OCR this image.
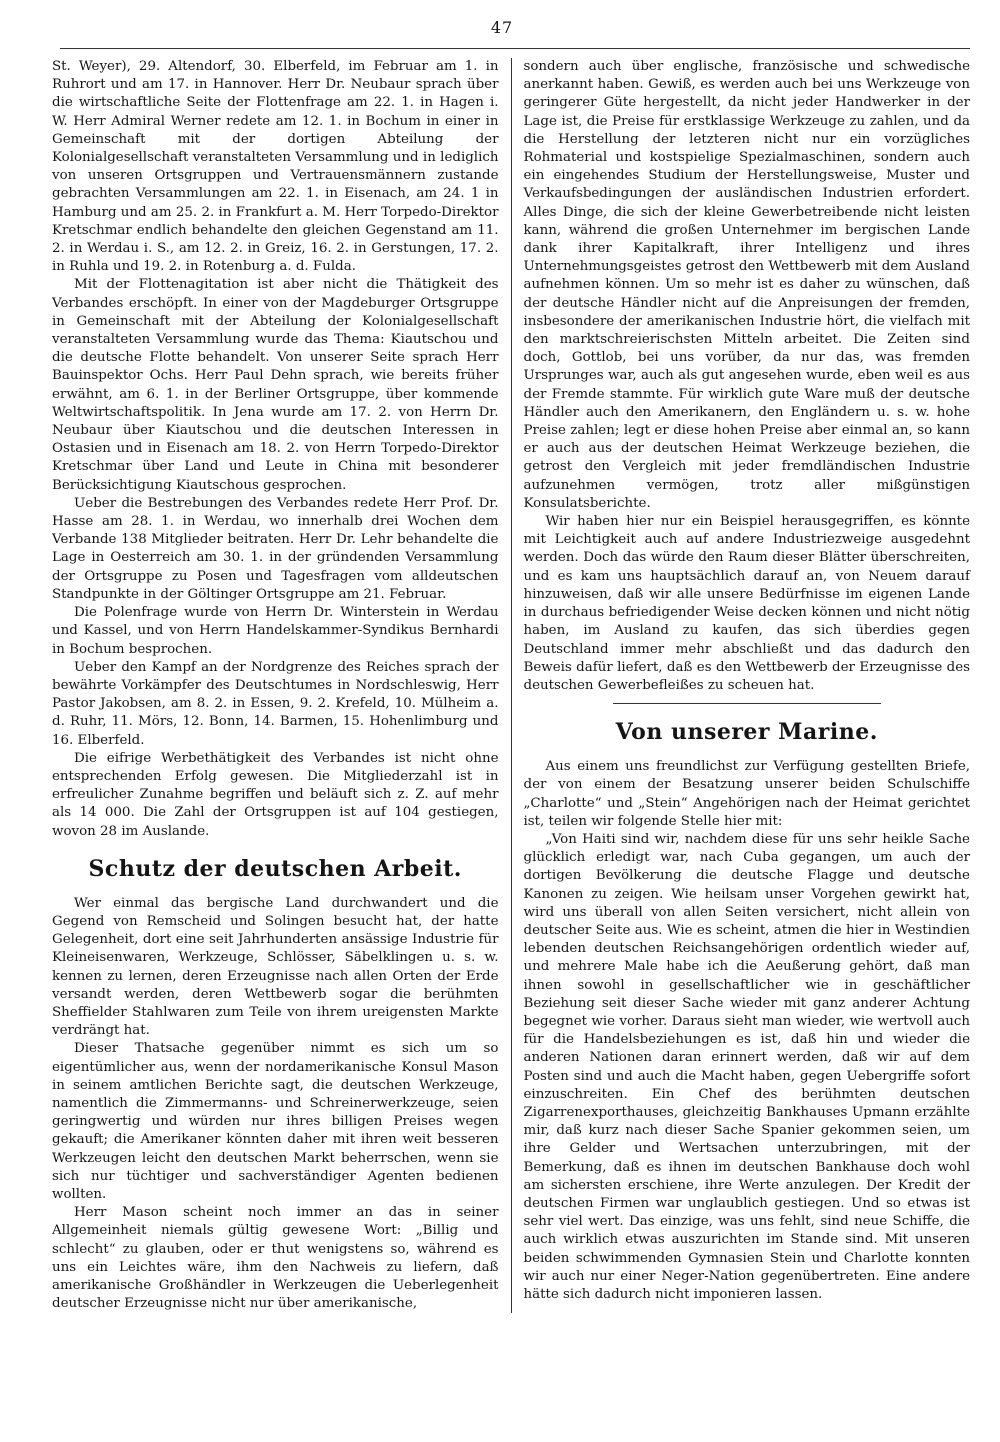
47

St. Weyer), 29. Altendorf, 30. Elberfeld, im Februar am 1. in Ruhrort und am 17. in Hannover. Herr Dr. Neubaur sprach über die wirtschaftliche Seite der Flottenfrage am 22. 1. in Hagen i. W. Herr Admiral Werner redete am 12. 1. in Bochum in einer in Gemeinschaft mit der dortigen Abteilung der Kolonialgesellschaft veranstalteten Versammlung und in lediglich von unseren Ortsgruppen und Vertrauensmännern zustande gebrachten Versammlungen am 22. 1. in Eisenach, am 24. 1 in Hamburg und am 25. 2. in Frankfurt a. M. Herr Torpedo-Direktor Kretschmar endlich behandelte den gleichen Gegenstand am 11. 2. in Werdau i. S., am 12. 2. in Greiz, 16. 2. in Gerstungen, 17. 2. in Ruhla und 19. 2. in Rotenburg a. d. Fulda.

Mit der Flottenagitation ist aber nicht die Thätigkeit des Verbandes erschöpft. In einer von der Magdeburger Ortsgruppe in Gemeinschaft mit der Abteilung der Kolonialgesellschaft veranstalteten Versammlung wurde das Thema: Kiautschou und die deutsche Flotte behandelt. Von unserer Seite sprach Herr Bauinspektor Ochs. Herr Paul Dehn sprach, wie bereits früher erwähnt, am 6. 1. in der Berliner Ortsgruppe, über kommende Weltwirtschaftspolitik. In Jena wurde am 17. 2. von Herrn Dr. Neubaur über Kiautschou und die deutschen Interessen in Ostasien und in Eisenach am 18. 2. von Herrn Torpedo-Direktor Kretschmar über Land und Leute in China mit besonderer Berücksichtigung Kiautschous gesprochen.

Ueber die Bestrebungen des Verbandes redete Herr Prof. Dr. Hasse am 28. 1. in Werdau, wo innerhalb drei Wochen dem Verbande 138 Mitglieder beitraten. Herr Dr. Lehr behandelte die Lage in Oesterreich am 30. 1. in der gründenden Versammlung der Ortsgruppe zu Posen und Tagesfragen vom alldeutschen Standpunkte in der Göltinger Ortsgruppe am 21. Februar.

Die Polenfrage wurde von Herrn Dr. Winterstein in Werdau und Kassel, und von Herrn Handelskammer-Syndikus Bernhardi in Bochum besprochen.

Ueber den Kampf an der Nordgrenze des Reiches sprach der bewährte Vorkämpfer des Deutschtumes in Nordschleswig, Herr Pastor Jakobsen, am 8. 2. in Essen, 9. 2. Krefeld, 10. Mülheim a. d. Ruhr, 11. Mörs, 12. Bonn, 14. Barmen, 15. Hohenlimburg und 16. Elberfeld.

Die eifrige Werbethätigkeit des Verbandes ist nicht ohne entsprechenden Erfolg gewesen. Die Mitgliederzahl ist in erfreulicher Zunahme begriffen und beläuft sich z. Z. auf mehr als 14 000. Die Zahl der Ortsgruppen ist auf 104 gestiegen, wovon 28 im Auslande.

Schutz der deutschen Arbeit.

Wer einmal das bergische Land durchwandert und die Gegend von Remscheid und Solingen besucht hat, der hatte Gelegenheit, dort eine seit Jahrhunderten ansässige Industrie für Kleineisenwaren, Werkzeuge, Schlösser, Säbelklingen u. s. w. kennen zu lernen, deren Erzeugnisse nach allen Orten der Erde versandt werden, deren Wettbewerb sogar die berühmten Sheffielder Stahlwaren zum Teile von ihrem ureigensten Markte verdrängt hat.

Dieser Thatsache gegenüber nimmt es sich um so eigentümlicher aus, wenn der nordamerikanische Konsul Mason in seinem amtlichen Berichte sagt, die deutschen Werkzeuge, namentlich die Zimmermanns- und Schreinerwerkzeuge, seien geringwertig und würden nur ihres billigen Preises wegen gekauft; die Amerikaner könnten daher mit ihren weit besseren Werkzeugen leicht den deutschen Markt beherrschen, wenn sie sich nur tüchtiger und sachverständiger Agenten bedienen wollten.

Herr Mason scheint noch immer an das in seiner Allgemeinheit niemals gültig gewesene Wort: „Billig und schlecht“ zu glauben, oder er thut wenigstens so, während es uns ein Leichtes wäre, ihm den Nachweis zu liefern, daß amerikanische Großhändler in Werkzeugen die Ueberlegenheit deutscher Erzeugnisse nicht nur über amerikanische,

sondern auch über englische, französische und schwedische anerkannt haben. Gewiß, es werden auch bei uns Werkzeuge von geringerer Güte hergestellt, da nicht jeder Handwerker in der Lage ist, die Preise für erstklassige Werkzeuge zu zahlen, und da die Herstellung der letzteren nicht nur ein vorzügliches Rohmaterial und kostspielige Spezialmaschinen, sondern auch ein eingehendes Studium der Herstellungsweise, Muster und Verkaufsbedingungen der ausländischen Industrien erfordert. Alles Dinge, die sich der kleine Gewerbetreibende nicht leisten kann, während die großen Unternehmer im bergischen Lande dank ihrer Kapitalkraft, ihrer Intelligenz und ihres Unternehmungsgeistes getrost den Wettbewerb mit dem Ausland aufnehmen können. Um so mehr ist es daher zu wünschen, daß der deutsche Händler nicht auf die Anpreisungen der fremden, insbesondere der amerikanischen Industrie hört, die vielfach mit den marktschreierischsten Mitteln arbeitet. Die Zeiten sind doch, Gottlob, bei uns vorüber, da nur das, was fremden Ursprunges war, auch als gut angesehen wurde, eben weil es aus der Fremde stammte. Für wirklich gute Ware muß der deutsche Händler auch den Amerikanern, den Engländern u. s. w. hohe Preise zahlen; legt er diese hohen Preise aber einmal an, so kann er auch aus der deutschen Heimat Werkzeuge beziehen, die getrost den Vergleich mit jeder fremdländischen Industrie aufzunehmen vermögen, trotz aller mißgünstigen Konsulatsberichte.

Wir haben hier nur ein Beispiel herausgegriffen, es könnte mit Leichtigkeit auch auf andere Industriezweige ausgedehnt werden. Doch das würde den Raum dieser Blätter überschreiten, und es kam uns hauptsächlich darauf an, von Neuem darauf hinzuweisen, daß wir alle unsere Bedürfnisse im eigenen Lande in durchaus befriedigender Weise decken können und nicht nötig haben, im Ausland zu kaufen, das sich überdies gegen Deutschland immer mehr abschließt und das dadurch den Beweis dafür liefert, daß es den Wettbewerb der Erzeugnisse des deutschen Gewerbefleißes zu scheuen hat.

Von unserer Marine.

Aus einem uns freundlichst zur Verfügung gestellten Briefe, der von einem der Besatzung unserer beiden Schulschiffe „Charlotte“ und „Stein“ Angehörigen nach der Heimat gerichtet ist, teilen wir folgende Stelle hier mit:

„Von Haiti sind wir, nachdem diese für uns sehr heikle Sache glücklich erledigt war, nach Cuba gegangen, um auch der dortigen Bevölkerung die deutsche Flagge und deutsche Kanonen zu zeigen. Wie heilsam unser Vorgehen gewirkt hat, wird uns überall von allen Seiten versichert, nicht allein von deutscher Seite aus. Wie es scheint, atmen die hier in Westindien lebenden deutschen Reichsangehörigen ordentlich wieder auf, und mehrere Male habe ich die Aeußerung gehört, daß man ihnen sowohl in gesellschaftlicher wie in geschäftlicher Beziehung seit dieser Sache wieder mit ganz anderer Achtung begegnet wie vorher. Daraus sieht man wieder, wie wertvoll auch für die Handelsbeziehungen es ist, daß hin und wieder die anderen Nationen daran erinnert werden, daß wir auf dem Posten sind und auch die Macht haben, gegen Uebergriffe sofort einzuschreiten. Ein Chef des berühmten deutschen Zigarrenexporthauses, gleichzeitig Bankhauses Upmann erzählte mir, daß kurz nach dieser Sache Spanier gekommen seien, um ihre Gelder und Wertsachen unterzubringen, mit der Bemerkung, daß es ihnen im deutschen Bankhause doch wohl am sichersten erschiene, ihre Werte anzulegen. Der Kredit der deutschen Firmen war unglaublich gestiegen. Und so etwas ist sehr viel wert. Das einzige, was uns fehlt, sind neue Schiffe, die auch wirklich etwas auszurichten im Stande sind. Mit unseren beiden schwimmenden Gymnasien Stein und Charlotte konnten wir auch nur einer Neger-Nation gegenübertreten. Eine andere hätte sich dadurch nicht imponieren lassen.
